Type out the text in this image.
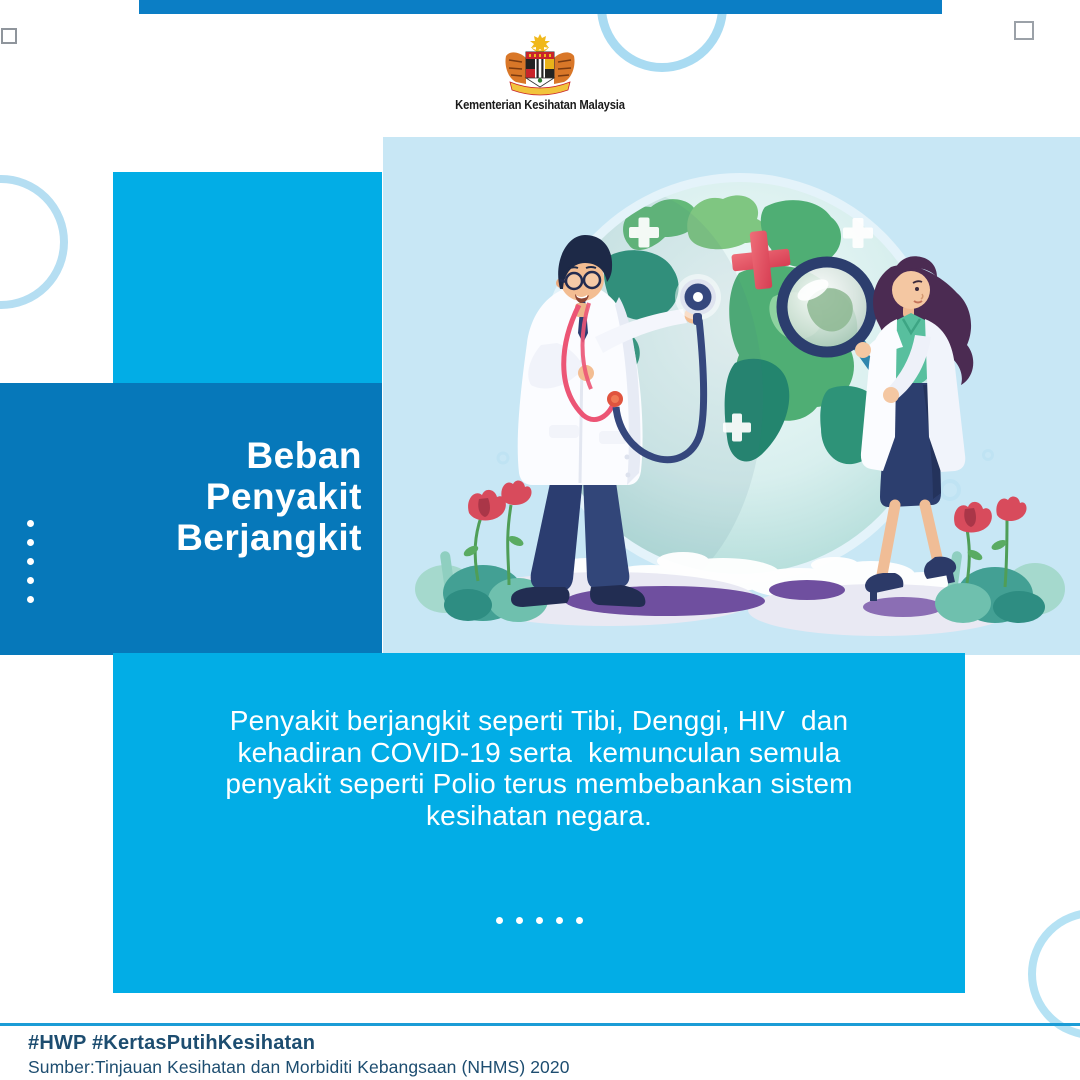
Kementerian Kesihatan Malaysia
Beban
Penyakit
Berjangkit
Penyakit berjangkit seperti Tibi, Denggi, HIV  dan
kehadiran COVID-19 serta  kemunculan semula
penyakit seperti Polio terus membebankan sistem
kesihatan negara.
#HWP #KertasPutihKesihatan
Sumber:Tinjauan Kesihatan dan Morbiditi Kebangsaan (NHMS) 2020
